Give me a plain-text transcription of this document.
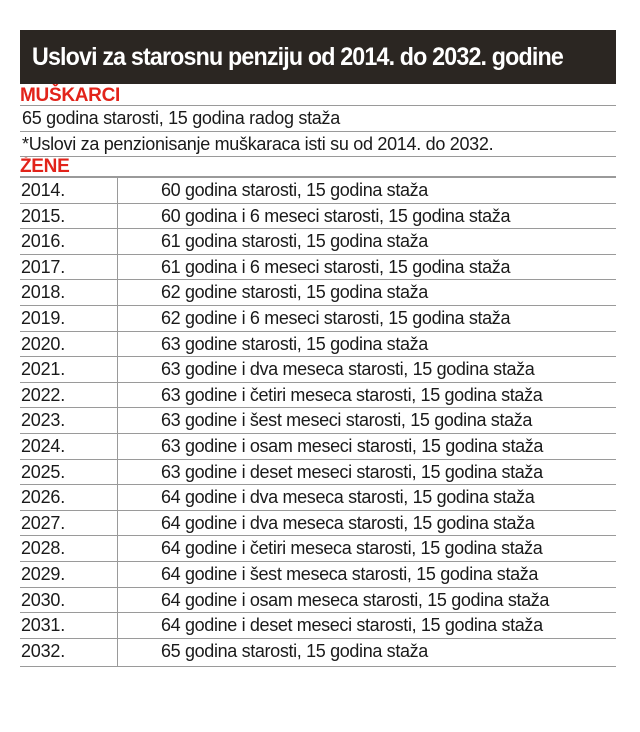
Uslovi za starosnu penziju od 2014. do 2032. godine
MUŠKARCI
65 godina starosti, 15 godina radog staža
*Uslovi za penzionisanje muškaraca isti su od 2014. do 2032.
ŽENE
2014.	60 godina starosti, 15 godina staža
2015.	60 godina i 6 meseci starosti, 15 godina staža
2016.	61 godina starosti, 15 godina staža
2017.	61 godina i 6 meseci starosti, 15 godina staža
2018.	62 godine starosti, 15 godina staža
2019.	62 godine i 6 meseci starosti, 15 godina staža
2020.	63 godine starosti, 15 godina staža
2021.	63 godine i dva meseca starosti, 15 godina staža
2022.	63 godine i četiri meseca starosti, 15 godina staža
2023.	63 godine i šest meseci starosti, 15 godina staža
2024.	63 godine i osam meseci starosti, 15 godina staža
2025.	63 godine i deset meseci starosti, 15 godina staža
2026.	64 godine i dva meseca starosti, 15 godina staža
2027.	64 godine i dva meseca starosti, 15 godina staža
2028.	64 godine i četiri meseca starosti, 15 godina staža
2029.	64 godine i šest meseca starosti, 15 godina staža
2030.	64 godine i osam meseca starosti, 15 godina staža
2031.	64 godine i deset meseci starosti, 15 godina staža
2032.	65 godina starosti, 15 godina staža
